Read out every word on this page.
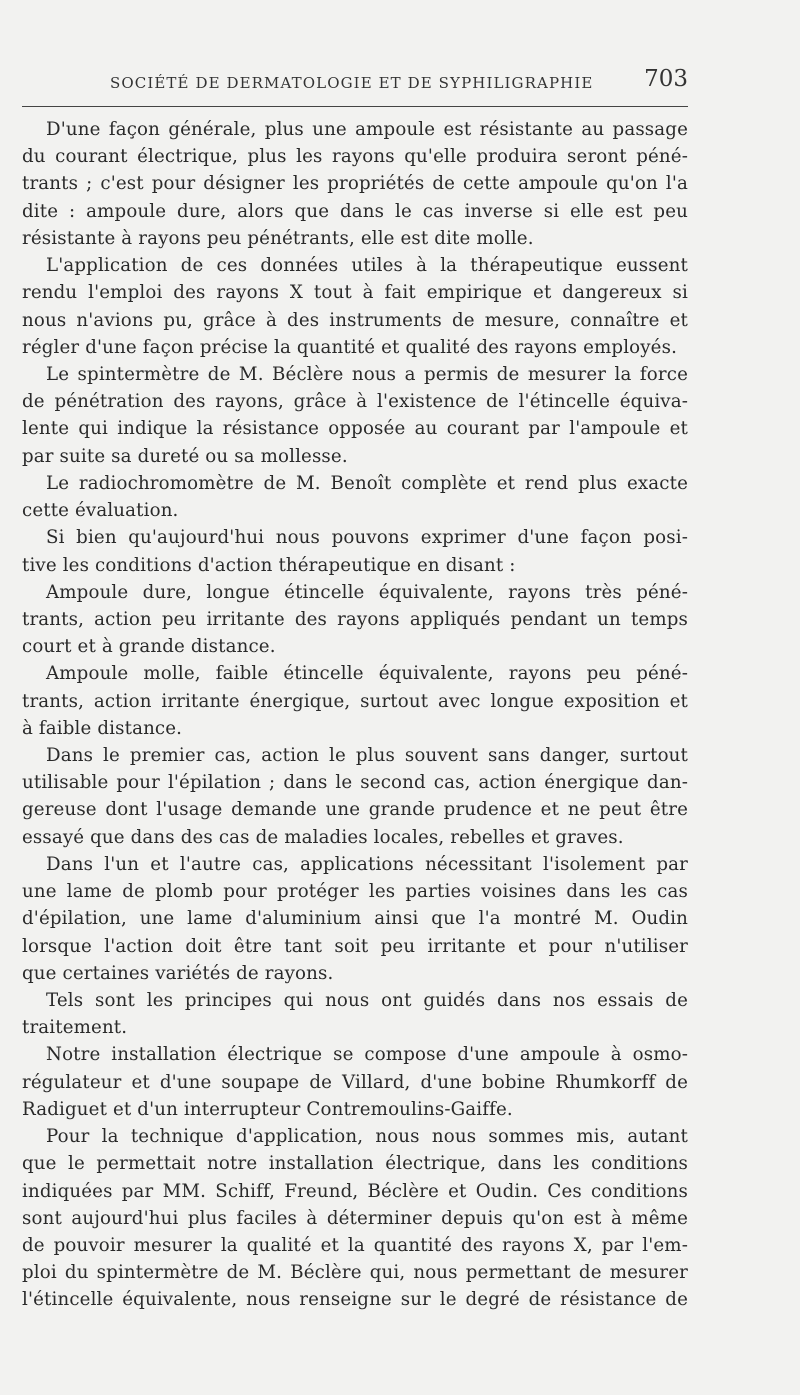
SOCIÉTÉ DE DERMATOLOGIE ET DE SYPHILIGRAPHIE 703
D'une façon générale, plus une ampoule est résistante au passage
du courant électrique, plus les rayons qu'elle produira seront péné-
trants ; c'est pour désigner les propriétés de cette ampoule qu'on l'a
dite : ampoule dure, alors que dans le cas inverse si elle est peu
résistante à rayons peu pénétrants, elle est dite molle.
L'application de ces données utiles à la thérapeutique eussent
rendu l'emploi des rayons X tout à fait empirique et dangereux si
nous n'avions pu, grâce à des instruments de mesure, connaître et
régler d'une façon précise la quantité et qualité des rayons employés.
Le spintermètre de M. Béclère nous a permis de mesurer la force
de pénétration des rayons, grâce à l'existence de l'étincelle équiva-
lente qui indique la résistance opposée au courant par l'ampoule et
par suite sa dureté ou sa mollesse.
Le radiochromomètre de M. Benoît complète et rend plus exacte
cette évaluation.
Si bien qu'aujourd'hui nous pouvons exprimer d'une façon posi-
tive les conditions d'action thérapeutique en disant :
Ampoule dure, longue étincelle équivalente, rayons très péné-
trants, action peu irritante des rayons appliqués pendant un temps
court et à grande distance.
Ampoule molle, faible étincelle équivalente, rayons peu péné-
trants, action irritante énergique, surtout avec longue exposition et
à faible distance.
Dans le premier cas, action le plus souvent sans danger, surtout
utilisable pour l'épilation ; dans le second cas, action énergique dan-
gereuse dont l'usage demande une grande prudence et ne peut être
essayé que dans des cas de maladies locales, rebelles et graves.
Dans l'un et l'autre cas, applications nécessitant l'isolement par
une lame de plomb pour protéger les parties voisines dans les cas
d'épilation, une lame d'aluminium ainsi que l'a montré M. Oudin
lorsque l'action doit être tant soit peu irritante et pour n'utiliser
que certaines variétés de rayons.
Tels sont les principes qui nous ont guidés dans nos essais de
traitement.
Notre installation électrique se compose d'une ampoule à osmo-
régulateur et d'une soupape de Villard, d'une bobine Rhumkorff de
Radiguet et d'un interrupteur Contremoulins-Gaiffe.
Pour la technique d'application, nous nous sommes mis, autant
que le permettait notre installation électrique, dans les conditions
indiquées par MM. Schiff, Freund, Béclère et Oudin. Ces conditions
sont aujourd'hui plus faciles à déterminer depuis qu'on est à même
de pouvoir mesurer la qualité et la quantité des rayons X, par l'em-
ploi du spintermètre de M. Béclère qui, nous permettant de mesurer
l'étincelle équivalente, nous renseigne sur le degré de résistance de
